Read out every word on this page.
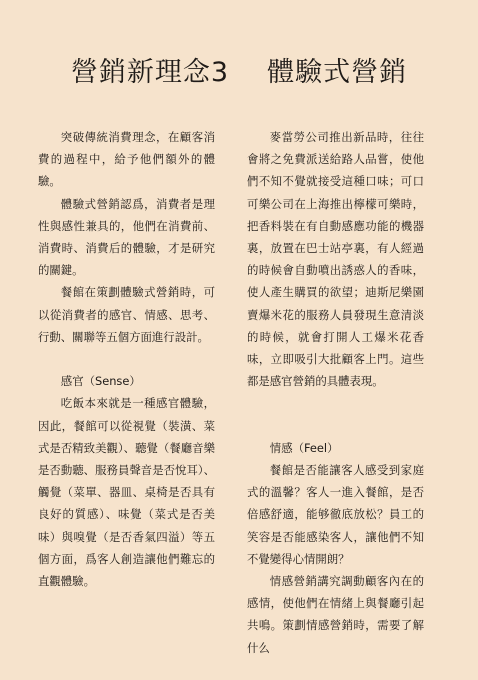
營銷新理念3 體驗式營銷

突破傳統消費理念，在顧客消費的過程中，給予他們額外的體驗。

體驗式營銷認爲，消費者是理性與感性兼具的，他們在消費前、消費時、消費后的體驗，才是研究的關鍵。

餐館在策劃體驗式營銷時，可以從消費者的感官、情感、思考、行動、關聯等五個方面進行設計。

感官（Sense）

吃飯本來就是一種感官體驗，因此，餐館可以從視覺（裝潢、菜式是否精致美觀）、聽覺（餐廳音樂是否動聽、服務員聲音是否悅耳）、觸覺（菜單、器皿、桌椅是否具有良好的質感）、味覺（菜式是否美味）與嗅覺（是否香氣四溢）等五個方面，爲客人創造讓他們難忘的直觀體驗。

麥當勞公司推出新品時，往往會將之免費派送給路人品嘗，使他們不知不覺就接受這種口味；可口可樂公司在上海推出檸檬可樂時，把香料裝在有自動感應功能的機器裏，放置在巴士站亭裏，有人經過的時候會自動噴出誘惑人的香味，使人產生購買的欲望；迪斯尼樂園賣爆米花的服務人員發現生意清淡的時候，就會打開人工爆米花香味，立即吸引大批顧客上門。這些都是感官營銷的具體表現。

情感（Feel）

餐館是否能讓客人感受到家庭式的溫馨？客人一進入餐館，是否倍感舒適，能够徹底放松？員工的笑容是否能感染客人，讓他們不知不覺變得心情開朗？

情感營銷講究調動顧客內在的感情，使他們在情緒上與餐廳引起共鳴。策劃情感營銷時，需要了解什么
